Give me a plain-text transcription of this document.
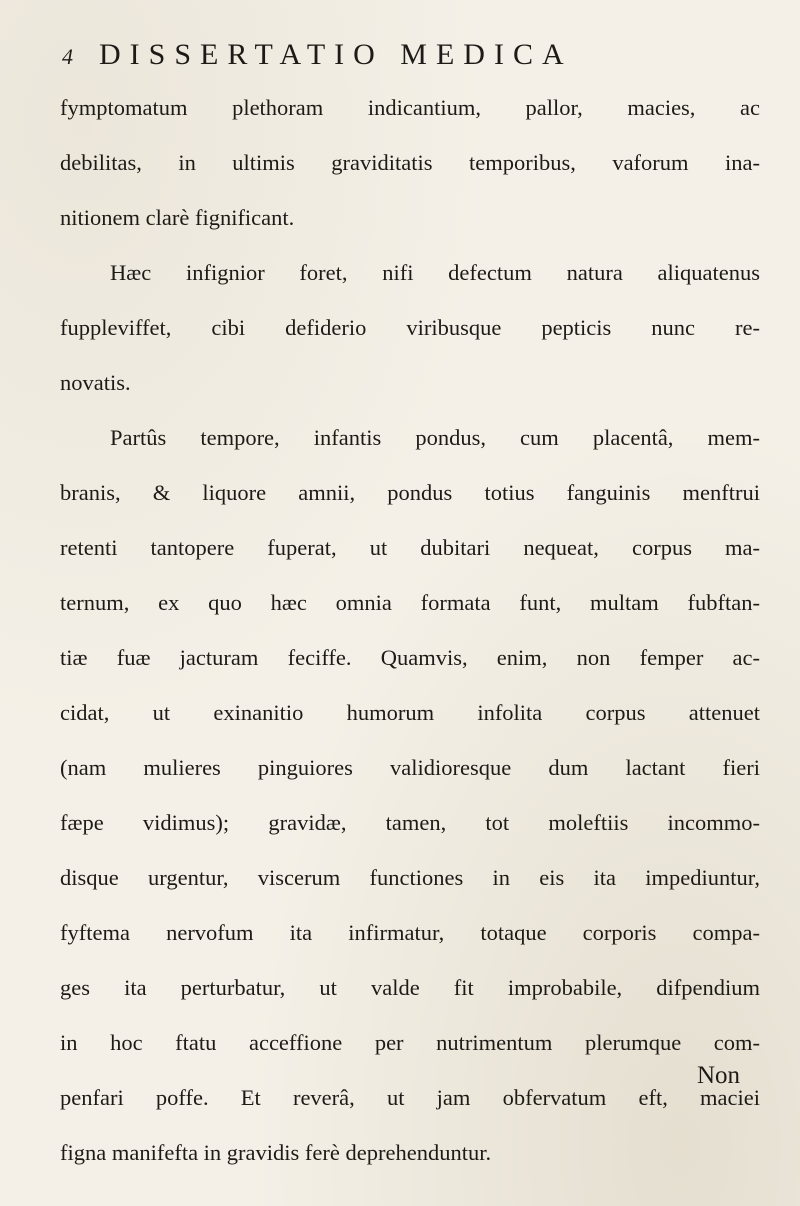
4 DISSERTATIO MEDICA
fymptomatum plethoram indicantium, pallor, macies, ac
debilitas, in ultimis graviditatis temporibus, vaforum ina-
nitionem clarè fignificant.
Hæc infignior foret, nifi defectum natura aliquatenus
fuppleviffet, cibi defiderio viribusque pepticis nunc re-
novatis.
Partûs tempore, infantis pondus, cum placentâ, mem-
branis, & liquore amnii, pondus totius fanguinis menftrui
retenti tantopere fuperat, ut dubitari nequeat, corpus ma-
ternum, ex quo hæc omnia formata funt, multam fubftan-
tiæ fuæ jacturam feciffe. Quamvis, enim, non femper ac-
cidat, ut exinanitio humorum infolita corpus attenuet
(nam mulieres pinguiores validioresque dum lactant fieri
fæpe vidimus); gravidæ, tamen, tot moleftiis incommo-
disque urgentur, viscerum functiones in eis ita impediuntur,
fyftema nervofum ita infirmatur, totaque corporis compa-
ges ita perturbatur, ut valde fit improbabile, difpendium
in hoc ftatu acceffione per nutrimentum plerumque com-
penfari poffe. Et reverâ, ut jam obfervatum eft, maciei
figna manifefta in gravidis ferè deprehenduntur.
Non
